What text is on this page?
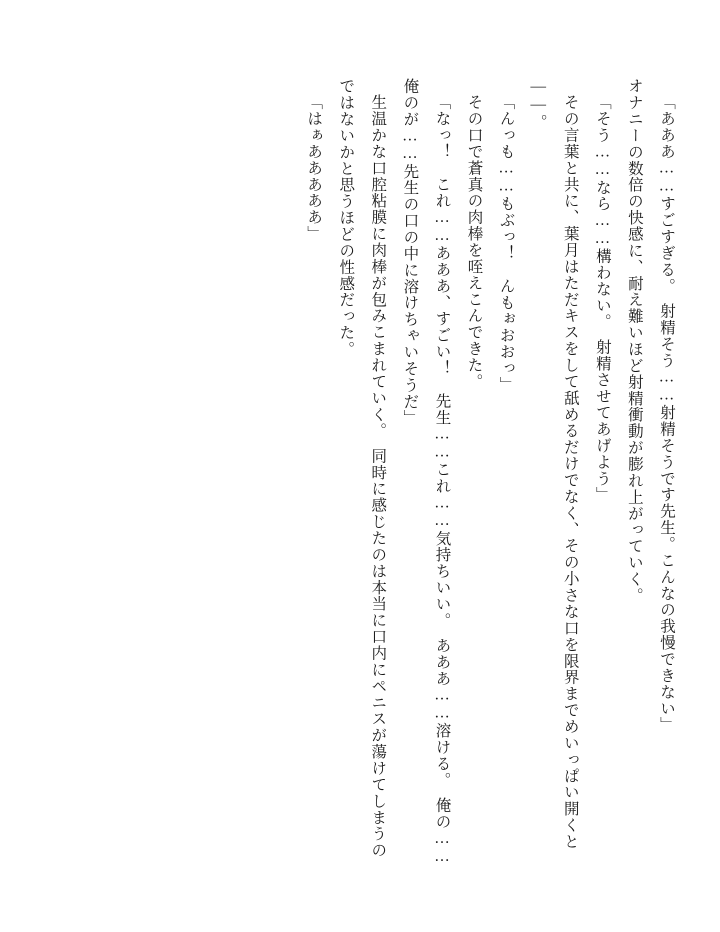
「あああ……すごすぎる。　射精そう……射精そうです先生。こんなの我慢できない」

オナニーの数倍の快感に、耐え難いほど射精衝動が膨れ上がっていく。

「そう……なら……構わない。　射精させてあげよう」

その言葉と共に、葉月はただキスをして舐めるだけでなく、その小さな口を限界までめいっぱい開くと――。

「んっも……もぶっ！　んもぉおおっ」

その口で蒼真の肉棒を咥えこんできた。

「なっ！　これ……あああ、すごい！　先生……これ……気持ちいい。　あああ……溶ける。　俺の……俺のが……先生の口の中に溶けちゃいそうだ」

生温かな口腔粘膜に肉棒が包みこまれていく。　同時に感じたのは本当に口内にペニスが蕩けてしまうのではないかと思うほどの性感だった。

「はぁあああああ」
